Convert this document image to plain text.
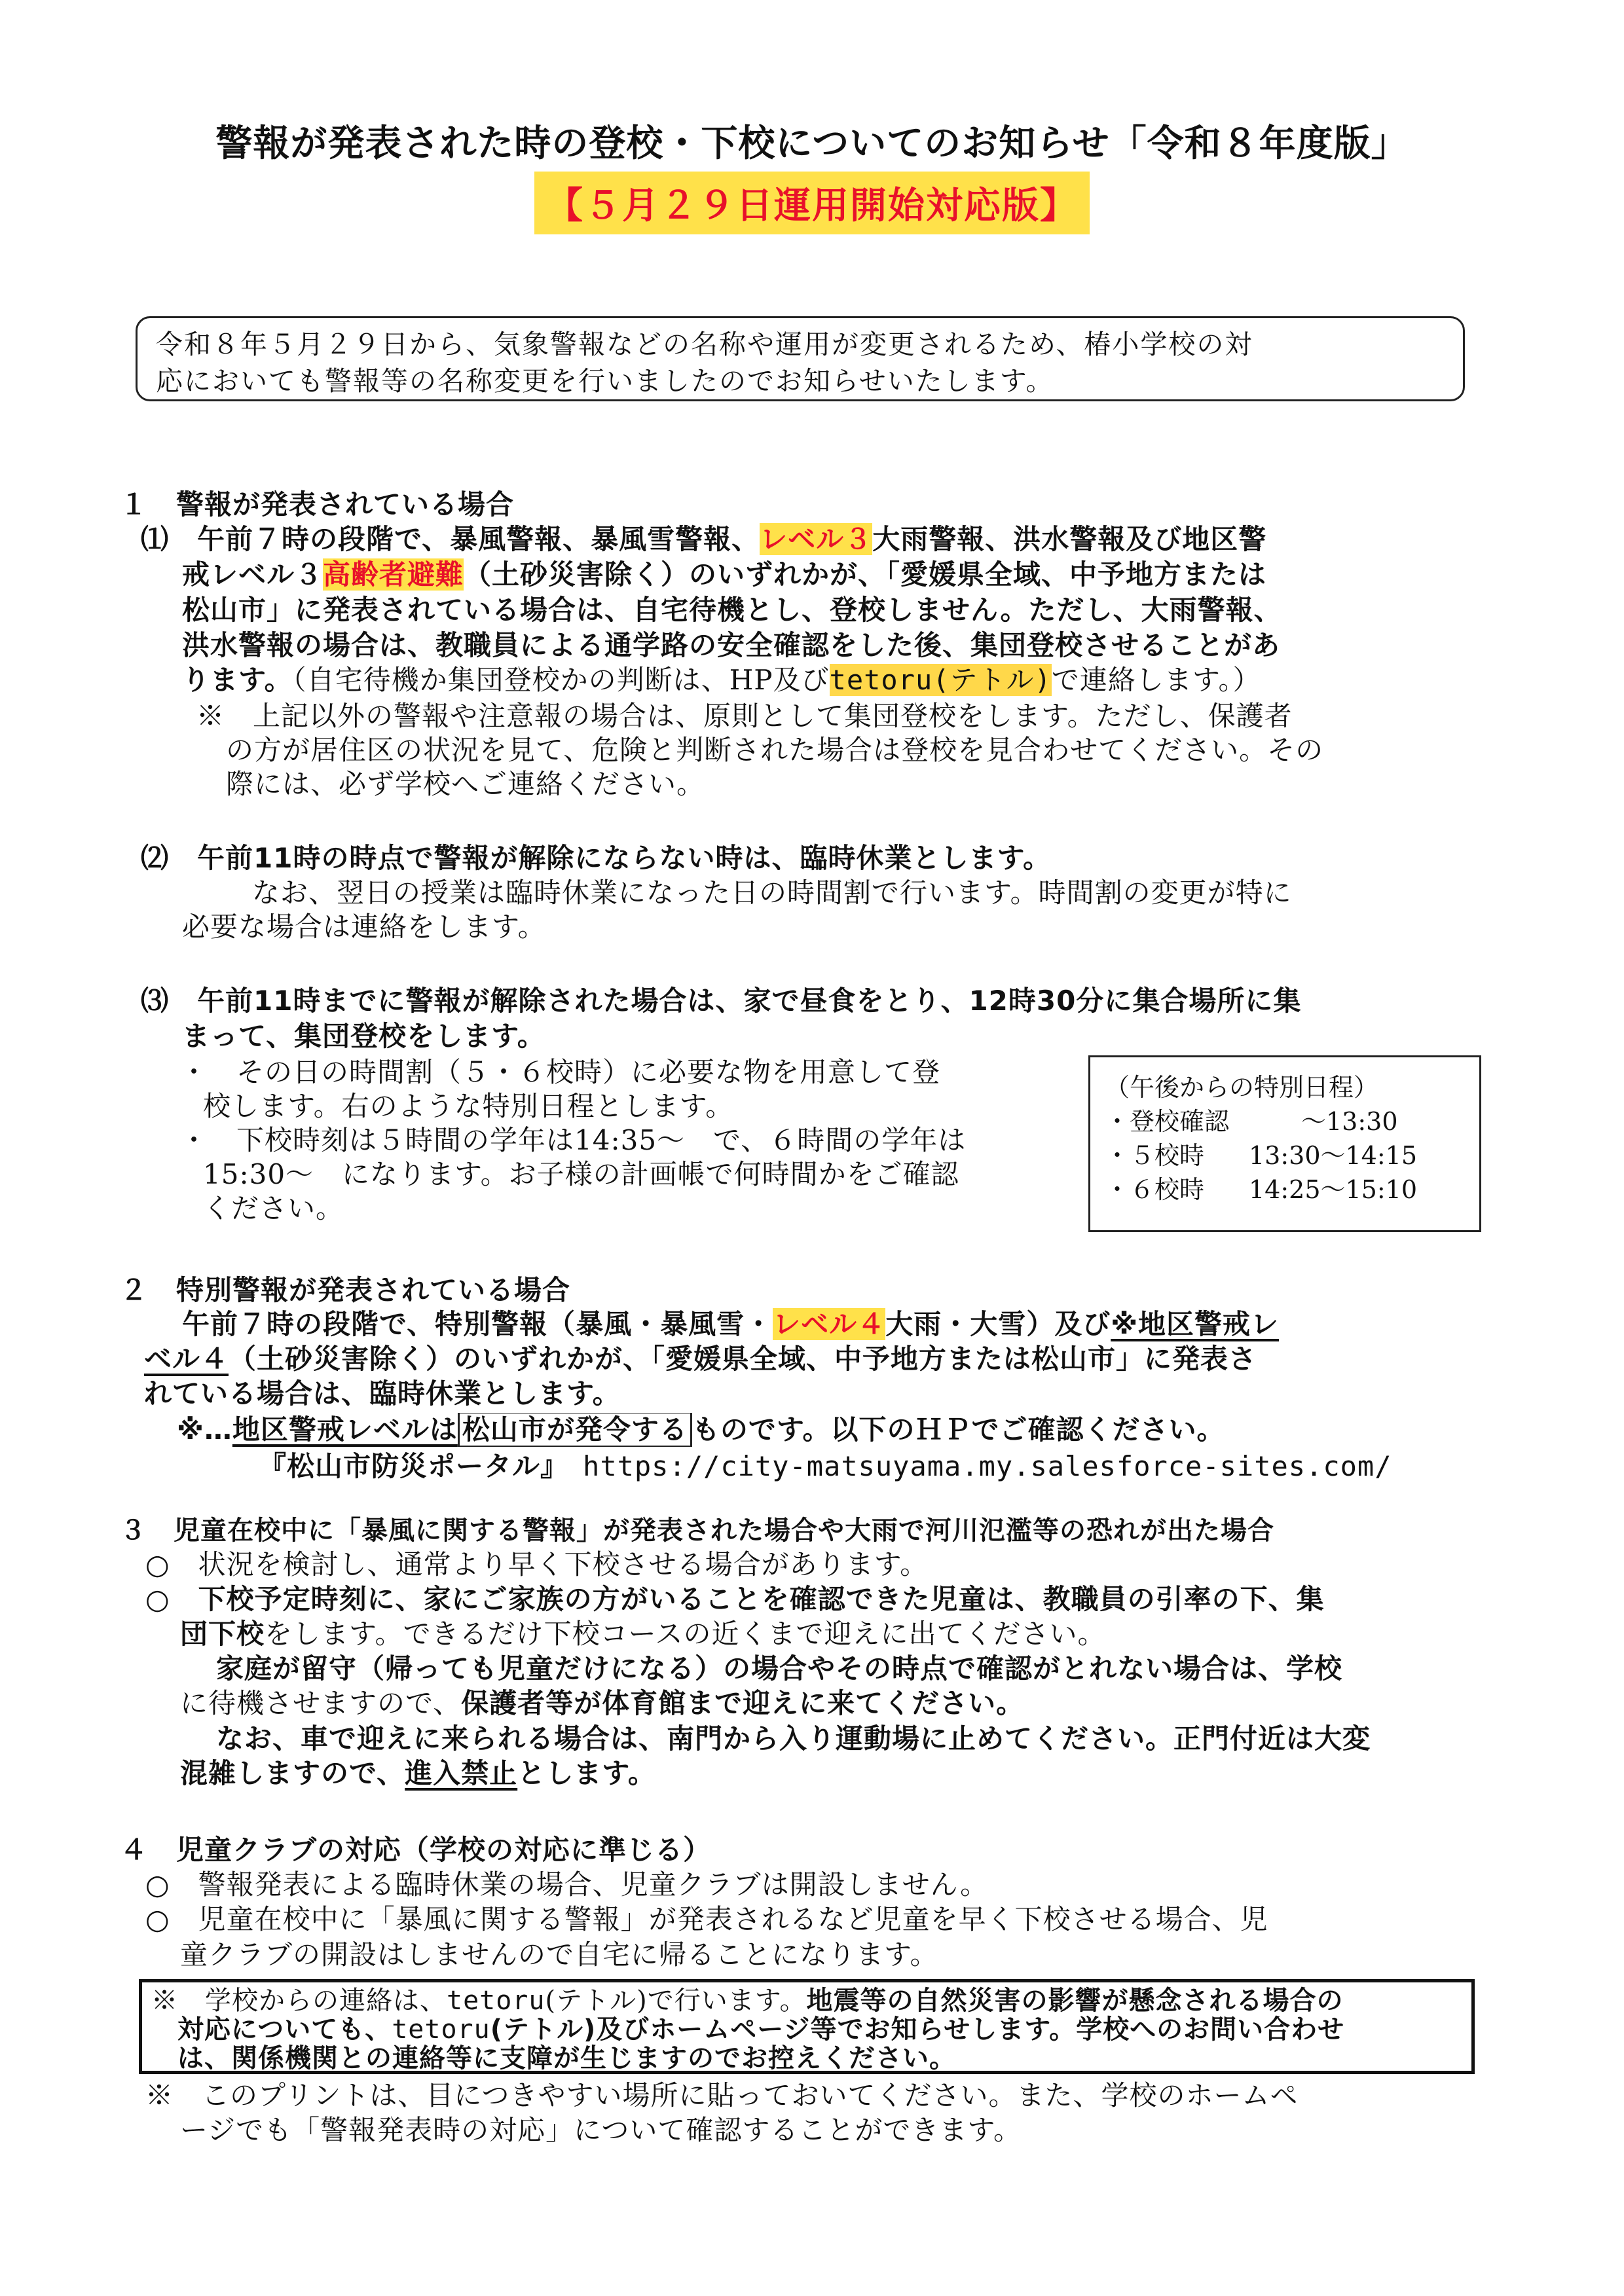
警報が発表された時の登校・下校についてのお知らせ「令和８年度版」
【５月２９日運用開始対応版】
令和８年５月２９日から、気象警報などの名称や運用が変更されるため、椿小学校の対
応においても警報等の名称変更を行いましたのでお知らせいたします。
１　警報が発表されている場合
⑴　午前７時の段階で、暴風警報、暴風雪警報、レベル３大雨警報、洪水警報及び地区警
戒レベル３高齢者避難（土砂災害除く）のいずれかが、「愛媛県全域、中予地方または
松山市」に発表されている場合は、自宅待機とし、登校しません。ただし、大雨警報、
洪水警報の場合は、教職員による通学路の安全確認をした後、集団登校させることがあ
ります。（自宅待機か集団登校かの判断は、HP及びtetoru(テトル)で連絡します。）
※　上記以外の警報や注意報の場合は、原則として集団登校をします。ただし、保護者
の方が居住区の状況を見て、危険と判断された場合は登校を見合わせてください。その
際には、必ず学校へご連絡ください。
⑵　午前11時の時点で警報が解除にならない時は、臨時休業とします。
なお、翌日の授業は臨時休業になった日の時間割で行います。時間割の変更が特に
必要な場合は連絡をします。
⑶　午前11時までに警報が解除された場合は、家で昼食をとり、12時30分に集合場所に集
まって、集団登校をします。
・　その日の時間割（５・６校時）に必要な物を用意して登
校します。右のような特別日程とします。
・　下校時刻は５時間の学年は14:35～　で、６時間の学年は
15:30～　になります。お子様の計画帳で何時間かをご確認
ください。
（午後からの特別日程）
・登校確認	～13:30
・５校時 13:30～14:15
・６校時 14:25～15:10
２　特別警報が発表されている場合
午前７時の段階で、特別警報（暴風・暴風雪・レベル４大雨・大雪）及び※地区警戒レ
ベル４（土砂災害除く）のいずれかが、「愛媛県全域、中予地方または松山市」に発表さ
れている場合は、臨時休業とします。
※…地区警戒レベルは 松山市が発令する ものです。以下のＨＰでご確認ください。
『松山市防災ポータル』　 https://city-matsuyama.my.salesforce-sites.com/
３　児童在校中に「暴風に関する警報」が発表された場合や大雨で河川氾濫等の恐れが出た場合
○　状況を検討し、通常より早く下校させる場合があります。
○　下校予定時刻に、家にご家族の方がいることを確認できた児童は、教職員の引率の下、集
団下校をします。できるだけ下校コースの近くまで迎えに出てください。
家庭が留守（帰っても児童だけになる）の場合やその時点で確認がとれない場合は、学校
に待機させますので、保護者等が体育館まで迎えに来てください。
なお、車で迎えに来られる場合は、南門から入り運動場に止めてください。正門付近は大変
混雑しますので、進入禁止とします。
４　児童クラブの対応（学校の対応に準じる）
○　警報発表による臨時休業の場合、児童クラブは開設しません。
○　児童在校中に「暴風に関する警報」が発表されるなど児童を早く下校させる場合、児
童クラブの開設はしませんので自宅に帰ることになります。
※　学校からの連絡は、tetoru(テトル)で行います。地震等の自然災害の影響が懸念される場合の
対応についても、tetoru(テトル)及びホームページ等でお知らせします。学校へのお問い合わせ
は、関係機関との連絡等に支障が生じますのでお控えください。
※　このプリントは、目につきやすい場所に貼っておいてください。また、学校のホームペ
ージでも「警報発表時の対応」について確認することができます。
